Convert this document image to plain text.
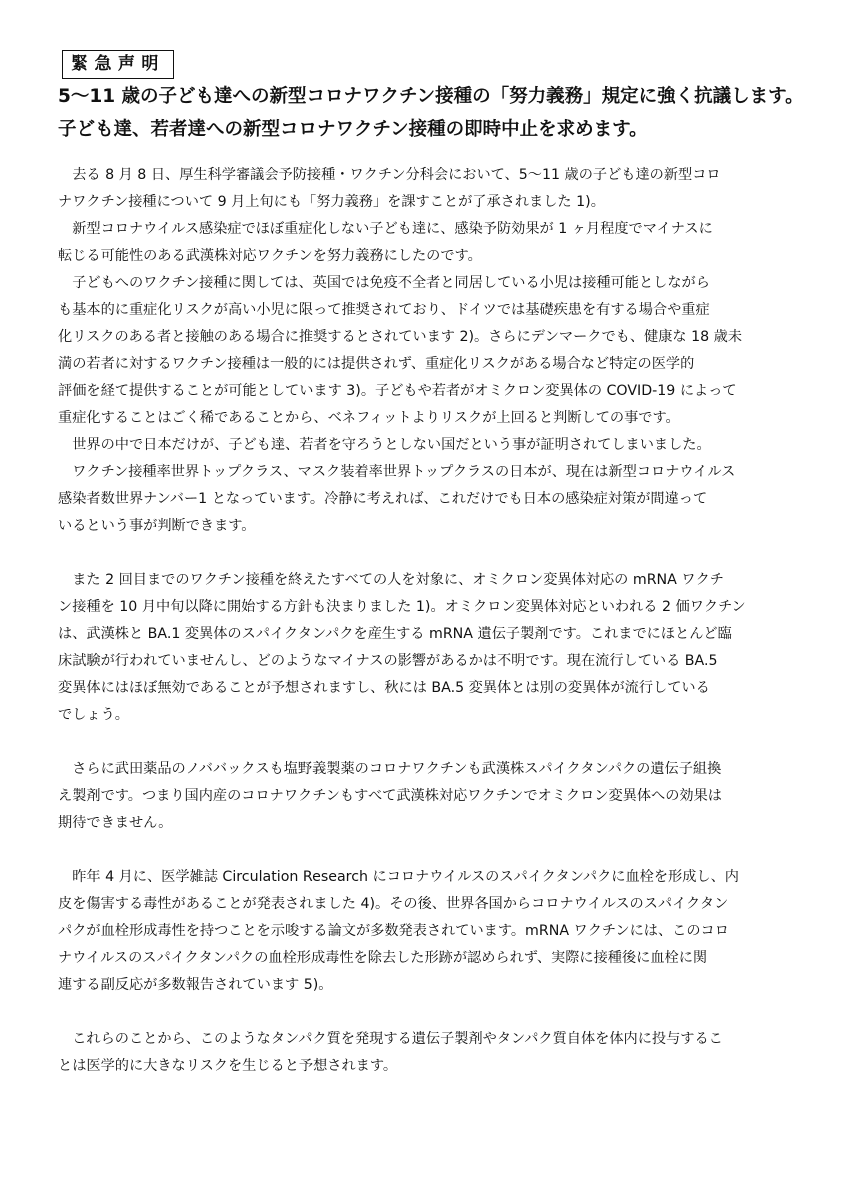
緊急声明
5～11 歳の子ども達への新型コロナワクチン接種の「努力義務」規定に強く抗議します。
子ども達、若者達への新型コロナワクチン接種の即時中止を求めます。
去る 8 月 8 日、厚生科学審議会予防接種・ワクチン分科会において、5～11 歳の子ども達の新型コロ
ナワクチン接種について 9 月上旬にも「努力義務」を課すことが了承されました 1)。
新型コロナウイルス感染症でほぼ重症化しない子ども達に、感染予防効果が 1 ヶ月程度でマイナスに
転じる可能性のある武漢株対応ワクチンを努力義務にしたのです。
子どもへのワクチン接種に関しては、英国では免疫不全者と同居している小児は接種可能としながら
も基本的に重症化リスクが高い小児に限って推奨されており、ドイツでは基礎疾患を有する場合や重症
化リスクのある者と接触のある場合に推奨するとされています 2)。さらにデンマークでも、健康な 18 歳未
満の若者に対するワクチン接種は一般的には提供されず、重症化リスクがある場合など特定の医学的
評価を経て提供することが可能としています 3)。子どもや若者がオミクロン変異体の COVID-19 によって
重症化することはごく稀であることから、ベネフィットよりリスクが上回ると判断しての事です。
世界の中で日本だけが、子ども達、若者を守ろうとしない国だという事が証明されてしまいました。
ワクチン接種率世界トップクラス、マスク装着率世界トップクラスの日本が、現在は新型コロナウイルス
感染者数世界ナンバー1 となっています。冷静に考えれば、これだけでも日本の感染症対策が間違って
いるという事が判断できます。
また 2 回目までのワクチン接種を終えたすべての人を対象に、オミクロン変異体対応の mRNA ワクチ
ン接種を 10 月中旬以降に開始する方針も決まりました 1)。オミクロン変異体対応といわれる 2 価ワクチン
は、武漢株と BA.1 変異体のスパイクタンパクを産生する mRNA 遺伝子製剤です。これまでにほとんど臨
床試験が行われていませんし、どのようなマイナスの影響があるかは不明です。現在流行している BA.5
変異体にはほぼ無効であることが予想されますし、秋には BA.5 変異体とは別の変異体が流行している
でしょう。
さらに武田薬品のノババックスも塩野義製薬のコロナワクチンも武漢株スパイクタンパクの遺伝子組換
え製剤です。つまり国内産のコロナワクチンもすべて武漢株対応ワクチンでオミクロン変異体への効果は
期待できません。
昨年 4 月に、医学雑誌 Circulation Research にコロナウイルスのスパイクタンパクに血栓を形成し、内
皮を傷害する毒性があることが発表されました 4)。その後、世界各国からコロナウイルスのスパイクタン
パクが血栓形成毒性を持つことを示唆する論文が多数発表されています。mRNA ワクチンには、このコロ
ナウイルスのスパイクタンパクの血栓形成毒性を除去した形跡が認められず、実際に接種後に血栓に関
連する副反応が多数報告されています 5)。
これらのことから、このようなタンパク質を発現する遺伝子製剤やタンパク質自体を体内に投与するこ
とは医学的に大きなリスクを生じると予想されます。
